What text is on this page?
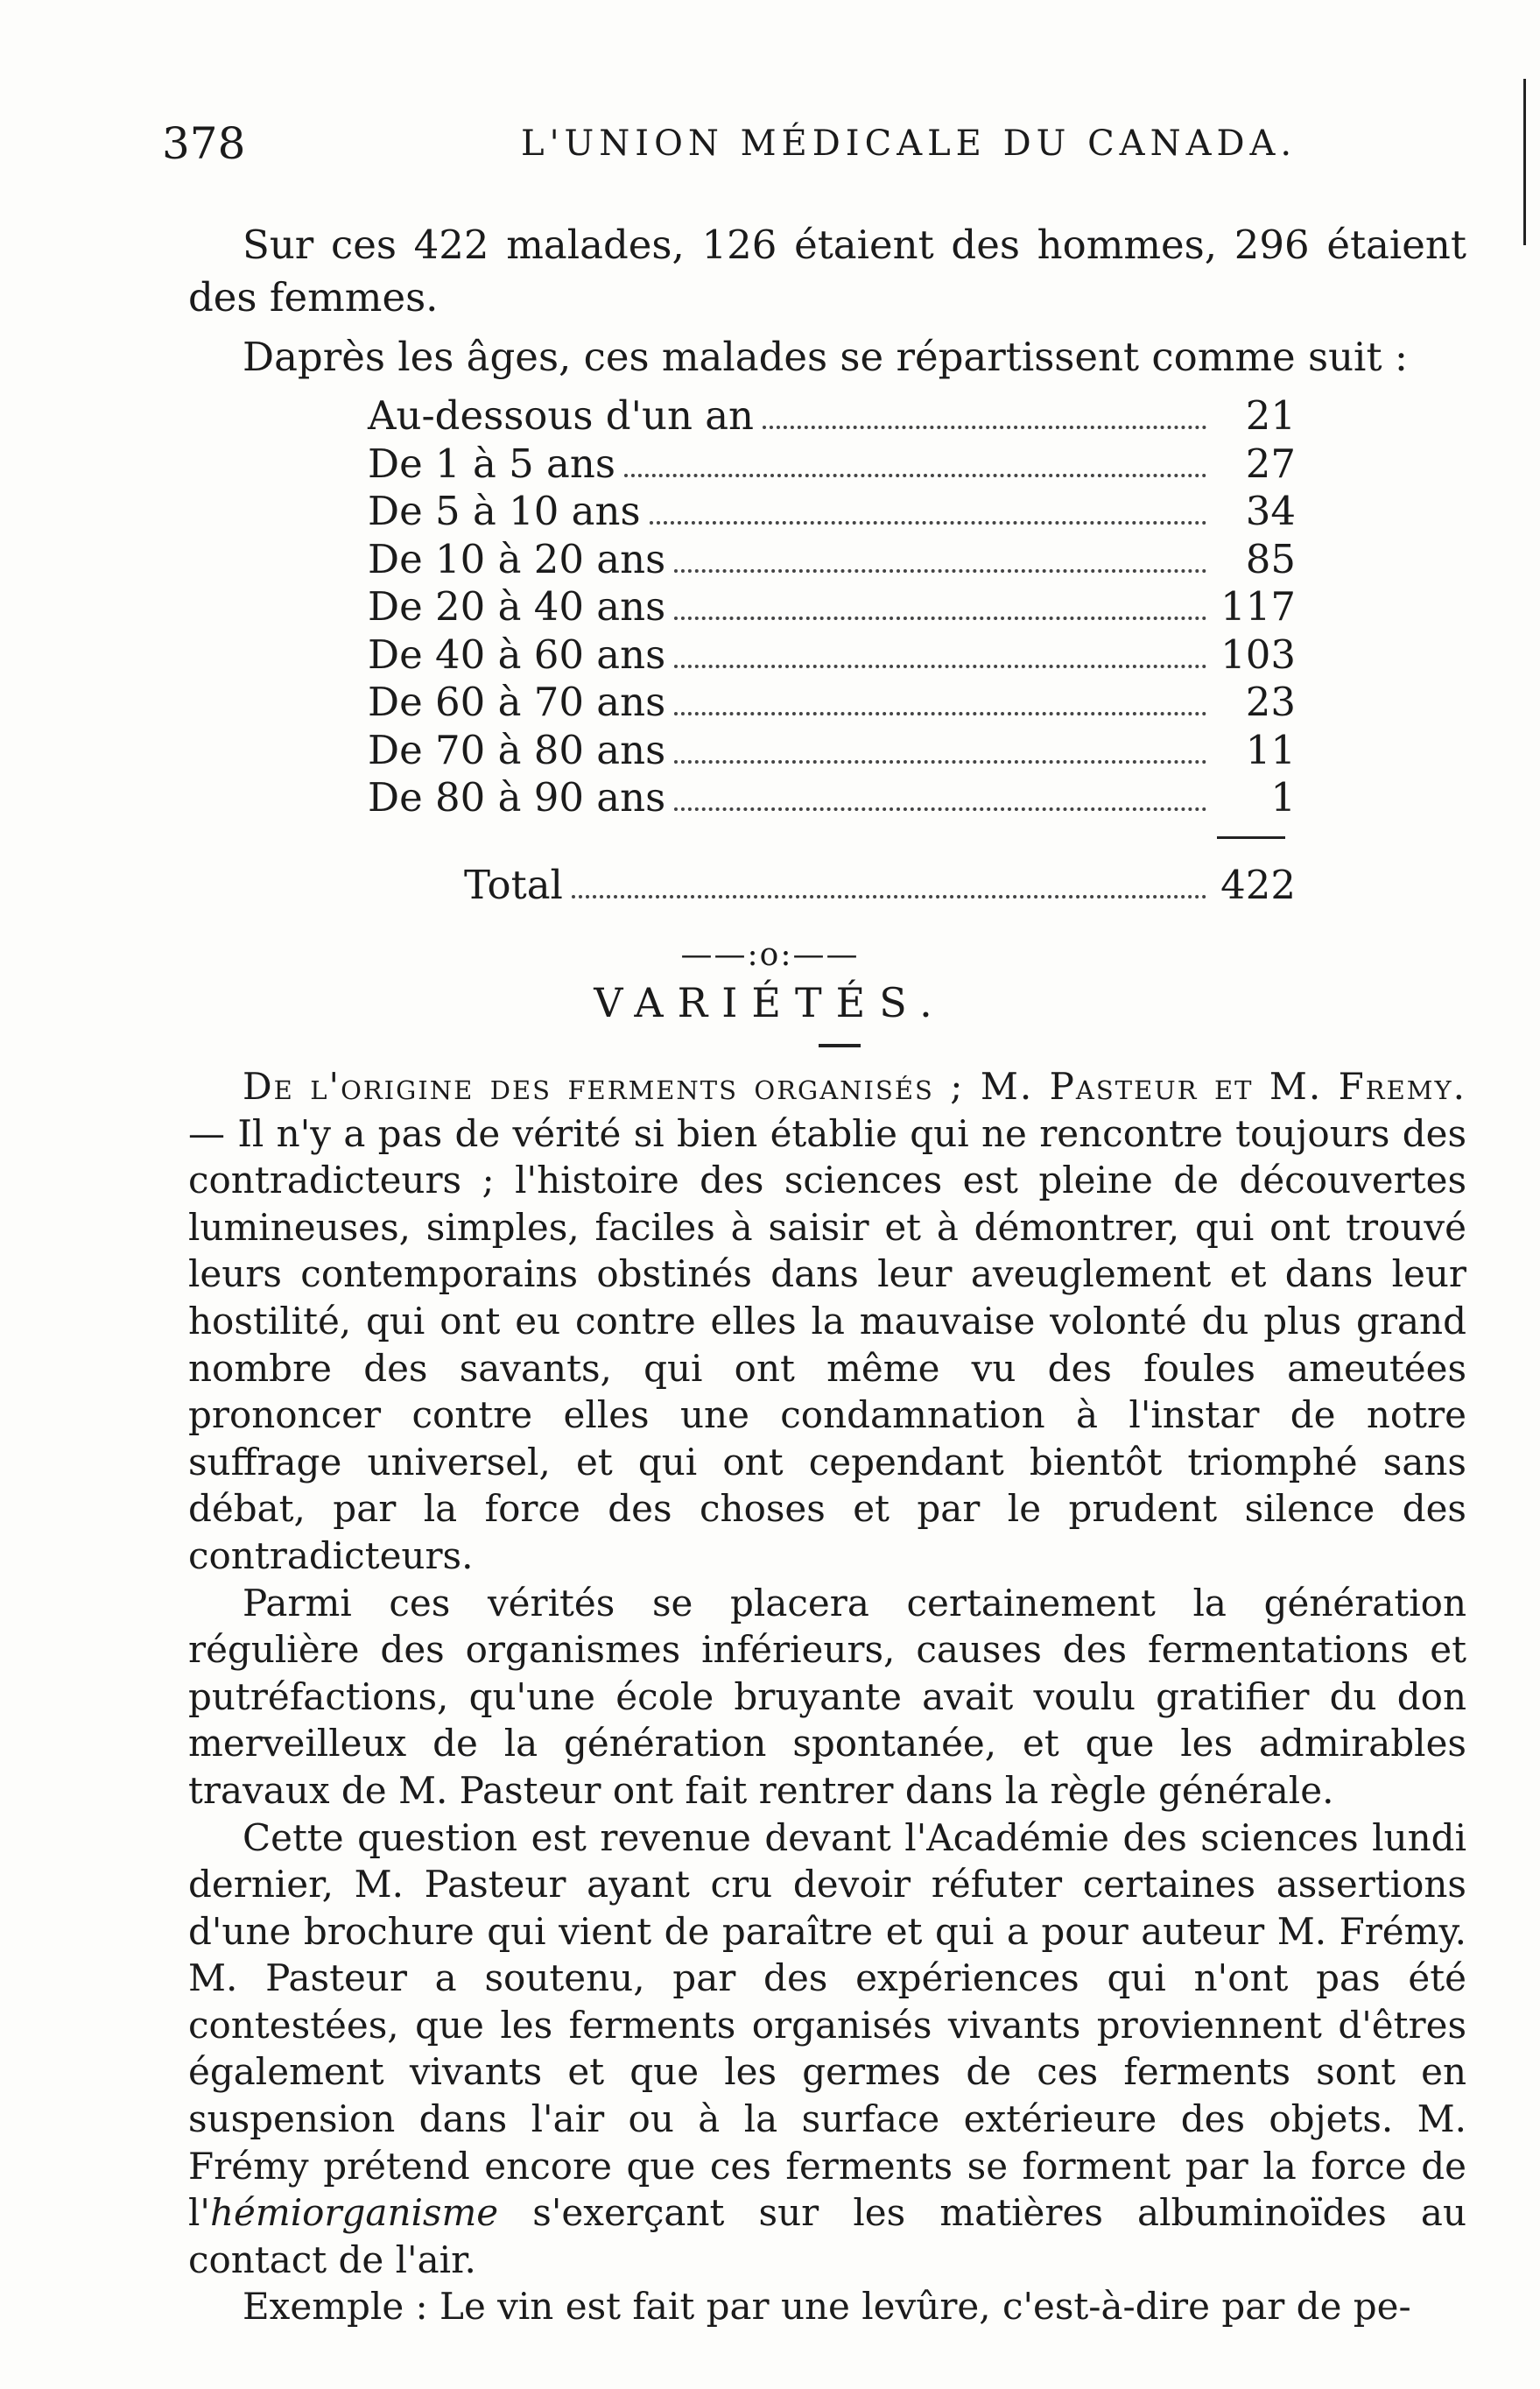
378	L'UNION MÉDICALE DU CANADA.

Sur ces 422 malades, 126 étaient des hommes, 296 étaient des femmes.

Daprès les âges, ces malades se répartissent comme suit :

Au-dessous d'un an	21
De 1 à 5 ans	27
De 5 à 10 ans	34
De 10 à 20 ans	85
De 20 à 40 ans	117
De 40 à 60 ans	103
De 60 à 70 ans	23
De 70 à 80 ans	11
De 80 à 90 ans	1
Total	422
——:o:——
VARIÉTÉS.

De l'origine des ferments organisés ; M. Pasteur et M. Fremy. — Il n'y a pas de vérité si bien établie qui ne rencontre toujours des contradicteurs ; l'histoire des sciences est pleine de découvertes lumineuses, simples, faciles à saisir et à démontrer, qui ont trouvé leurs contemporains obstinés dans leur aveuglement et dans leur hostilité, qui ont eu contre elles la mauvaise volonté du plus grand nombre des savants, qui ont même vu des foules ameutées prononcer contre elles une condamnation à l'instar de notre suffrage universel, et qui ont cependant bientôt triomphé sans débat, par la force des choses et par le prudent silence des contradicteurs.

Parmi ces vérités se placera certainement la génération régulière des organismes inférieurs, causes des fermentations et putréfactions, qu'une école bruyante avait voulu gratifier du don merveilleux de la génération spontanée, et que les admirables travaux de M. Pasteur ont fait rentrer dans la règle générale.

Cette question est revenue devant l'Académie des sciences lundi dernier, M. Pasteur ayant cru devoir réfuter certaines assertions d'une brochure qui vient de paraître et qui a pour auteur M. Frémy. M. Pasteur a soutenu, par des expériences qui n'ont pas été contestées, que les ferments organisés vivants proviennent d'êtres également vivants et que les germes de ces ferments sont en suspension dans l'air ou à la surface extérieure des objets. M. Frémy prétend encore que ces ferments se forment par la force de l'hémiorganisme s'exerçant sur les matières albuminoïdes au contact de l'air.

Exemple : Le vin est fait par une levûre, c'est-à-dire par de pe-
